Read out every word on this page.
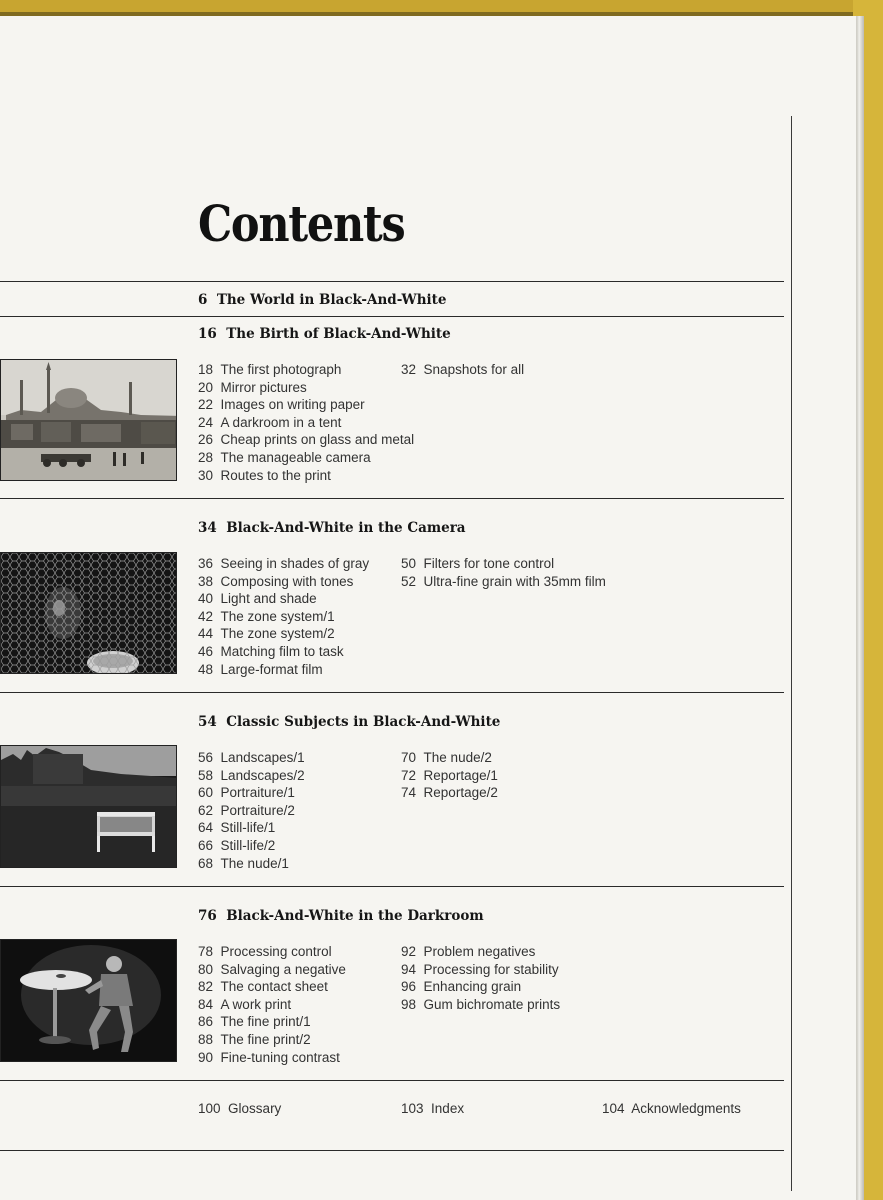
Contents

6 The World in Black-And-White

16 The Birth of Black-And-White

18 The first photograph
20 Mirror pictures
22 Images on writing paper
24 A darkroom in a tent
26 Cheap prints on glass and metal
28 The manageable camera
30 Routes to the print
32 Snapshots for all

34 Black-And-White in the Camera

36 Seeing in shades of gray
38 Composing with tones
40 Light and shade
42 The zone system/1
44 The zone system/2
46 Matching film to task
48 Large-format film
50 Filters for tone control
52 Ultra-fine grain with 35mm film

54 Classic Subjects in Black-And-White

56 Landscapes/1
58 Landscapes/2
60 Portraiture/1
62 Portraiture/2
64 Still-life/1
66 Still-life/2
68 The nude/1
70 The nude/2
72 Reportage/1
74 Reportage/2

76 Black-And-White in the Darkroom

78 Processing control
80 Salvaging a negative
82 The contact sheet
84 A work print
86 The fine print/1
88 The fine print/2
90 Fine-tuning contrast
92 Problem negatives
94 Processing for stability
96 Enhancing grain
98 Gum bichromate prints

100 Glossary	103 Index	104 Acknowledgments
